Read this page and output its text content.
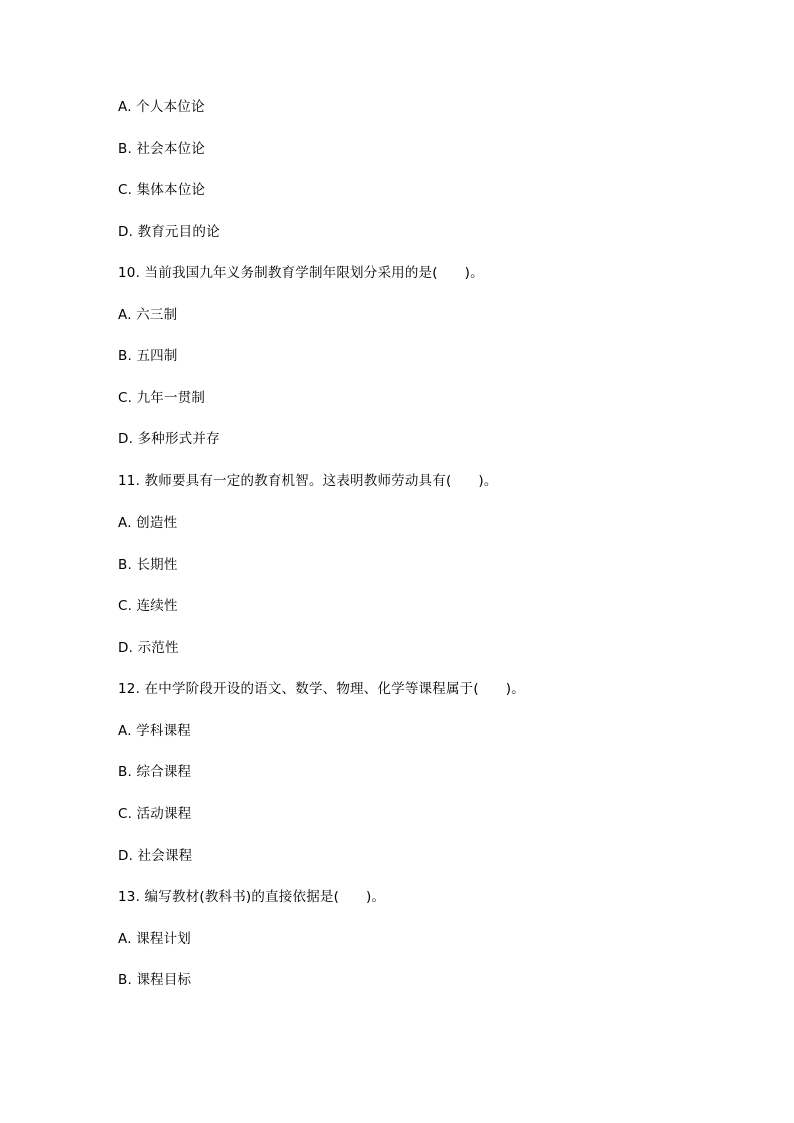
A. 个人本位论
B. 社会本位论
C. 集体本位论
D. 教育元目的论
10. 当前我国九年义务制教育学制年限划分采用的是(      )。
A. 六三制
B. 五四制
C. 九年一贯制
D. 多种形式并存
11. 教师要具有一定的教育机智。这表明教师劳动具有(      )。
A. 创造性
B. 长期性
C. 连续性
D. 示范性
12. 在中学阶段开设的语文、数学、物理、化学等课程属于(      )。
A. 学科课程
B. 综合课程
C. 活动课程
D. 社会课程
13. 编写教材(教科书)的直接依据是(      )。
A. 课程计划
B. 课程目标
